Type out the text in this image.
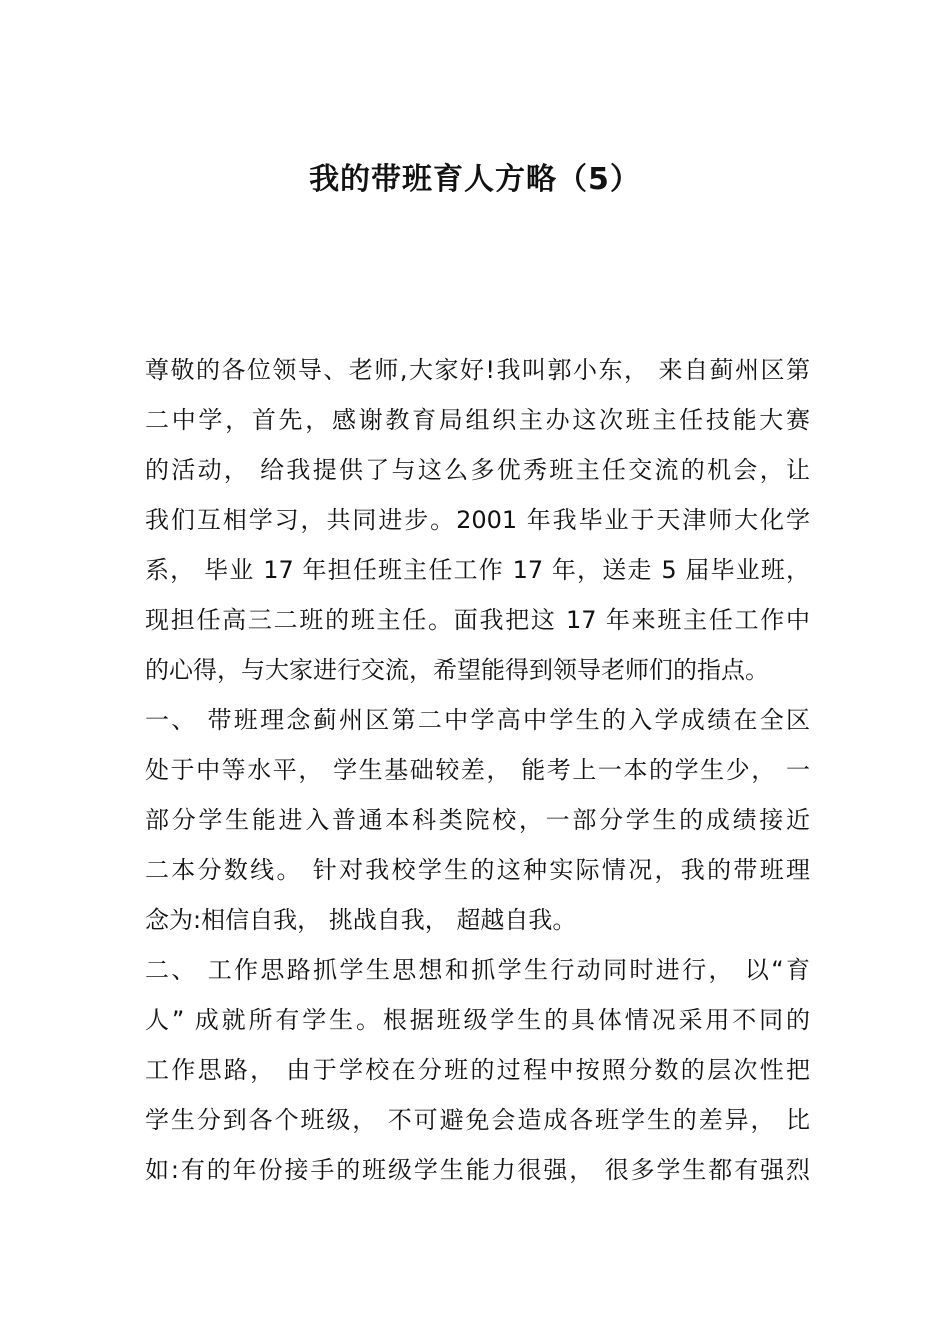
我的带班育人方略（5）
尊敬的各位领导、老师,大家好!我叫郭小东， 来自蓟州区第
二中学，首先，感谢教育局组织主办这次班主任技能大赛
的活动， 给我提供了与这么多优秀班主任交流的机会，让
我们互相学习，共同进步。2001 年我毕业于天津师大化学
系， 毕业 17 年担任班主任工作 17 年，送走 5 届毕业班，
现担任高三二班的班主任。面我把这 17 年来班主任工作中
的心得，与大家进行交流，希望能得到领导老师们的指点。
一、 带班理念蓟州区第二中学高中学生的入学成绩在全区
处于中等水平， 学生基础较差， 能考上一本的学生少， 一
部分学生能进入普通本科类院校，一部分学生的成绩接近
二本分数线。 针对我校学生的这种实际情况，我的带班理
念为:相信自我， 挑战自我， 超越自我。
二、 工作思路抓学生思想和抓学生行动同时进行， 以“育
人” 成就所有学生。根据班级学生的具体情况采用不同的
工作思路， 由于学校在分班的过程中按照分数的层次性把
学生分到各个班级， 不可避免会造成各班学生的差异， 比
如:有的年份接手的班级学生能力很强， 很多学生都有强烈
